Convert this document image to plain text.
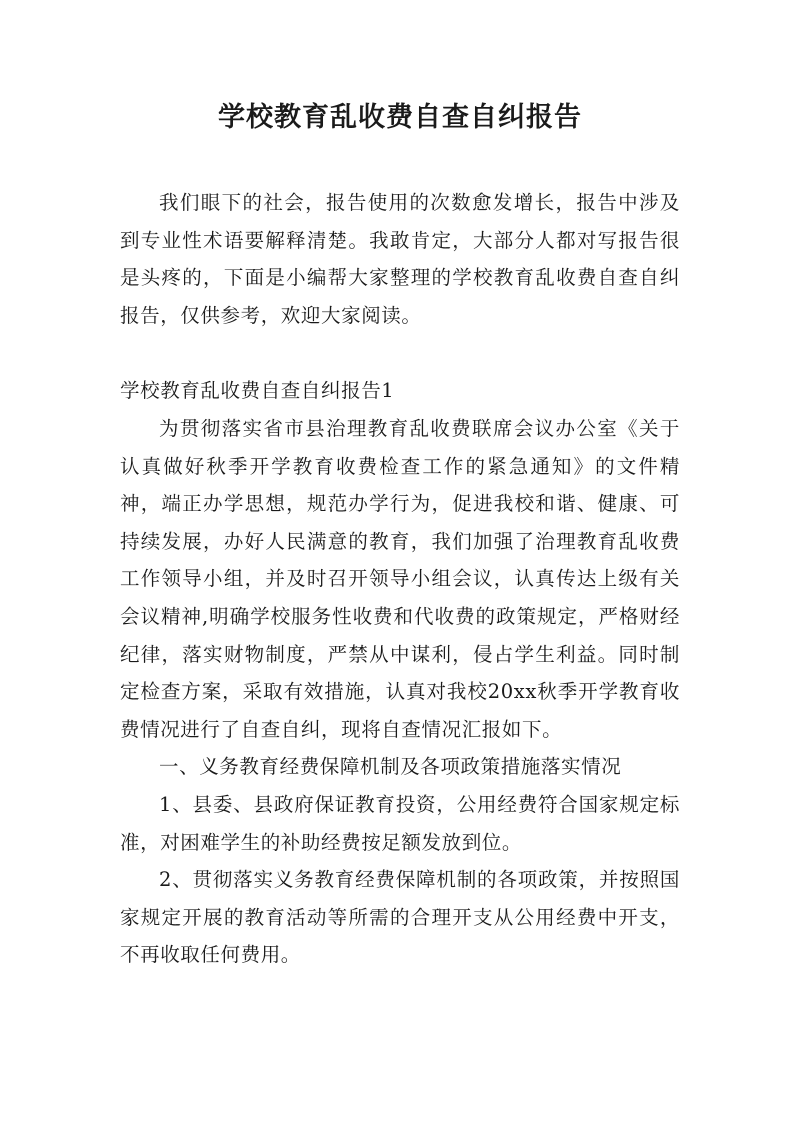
学校教育乱收费自查自纠报告

我们眼下的社会，报告使用的次数愈发增长，报告中涉及到专业性术语要解释清楚。我敢肯定，大部分人都对写报告很是头疼的，下面是小编帮大家整理的学校教育乱收费自查自纠报告，仅供参考，欢迎大家阅读。

学校教育乱收费自查自纠报告1

为贯彻落实省市县治理教育乱收费联席会议办公室《关于认真做好秋季开学教育收费检查工作的紧急通知》的文件精神，端正办学思想，规范办学行为，促进我校和谐、健康、可持续发展，办好人民满意的教育，我们加强了治理教育乱收费工作领导小组，并及时召开领导小组会议，认真传达上级有关会议精神,明确学校服务性收费和代收费的政策规定，严格财经纪律，落实财物制度，严禁从中谋利，侵占学生利益。同时制定检查方案，采取有效措施，认真对我校20xx秋季开学教育收费情况进行了自查自纠，现将自查情况汇报如下。

一、义务教育经费保障机制及各项政策措施落实情况

1、县委、县政府保证教育投资，公用经费符合国家规定标准，对困难学生的补助经费按足额发放到位。

2、贯彻落实义务教育经费保障机制的各项政策，并按照国家规定开展的教育活动等所需的合理开支从公用经费中开支，不再收取任何费用。
